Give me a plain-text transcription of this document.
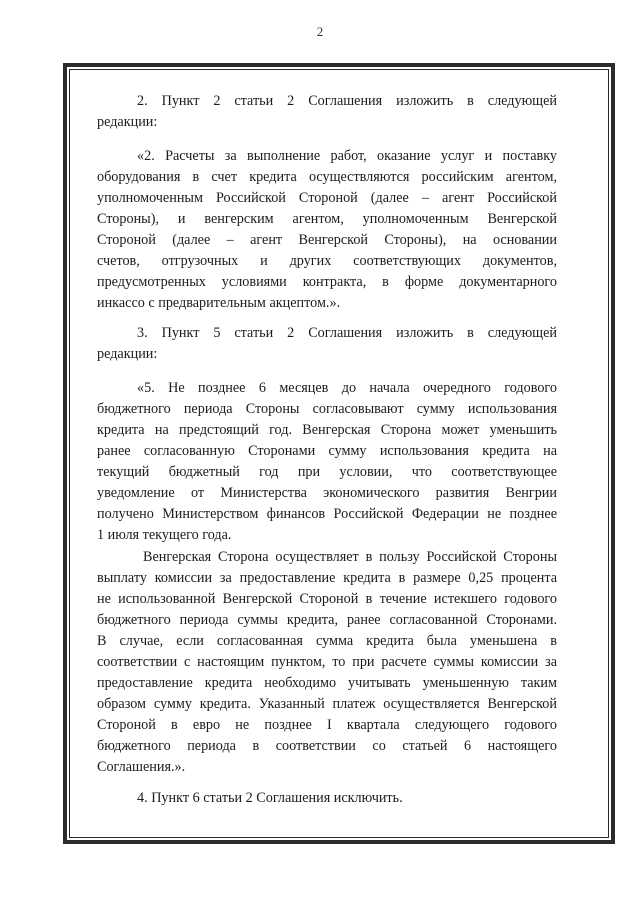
2
2. Пункт 2 статьи 2 Соглашения изложить в следующей
редакции:
«2. Расчеты за выполнение работ, оказание услуг и поставку
оборудования в счет кредита осуществляются российским агентом,
уполномоченным Российской Стороной (далее – агент Российской
Стороны), и венгерским агентом, уполномоченным Венгерской
Стороной (далее – агент Венгерской Стороны), на основании
счетов, отгрузочных и других соответствующих документов,
предусмотренных условиями контракта, в форме документарного
инкассо с предварительным акцептом.».
3. Пункт 5 статьи 2 Соглашения изложить в следующей
редакции:
«5. Не позднее 6 месяцев до начала очередного годового
бюджетного периода Стороны согласовывают сумму использования
кредита на предстоящий год. Венгерская Сторона может уменьшить
ранее согласованную Сторонами сумму использования кредита на
текущий бюджетный год при условии, что соответствующее
уведомление от Министерства экономического развития Венгрии
получено Министерством финансов Российской Федерации не позднее
1 июля текущего года.
Венгерская Сторона осуществляет в пользу Российской Стороны
выплату комиссии за предоставление кредита в размере 0,25 процента
не использованной Венгерской Стороной в течение истекшего годового
бюджетного периода суммы кредита, ранее согласованной Сторонами.
В случае, если согласованная сумма кредита была уменьшена в
соответствии с настоящим пунктом, то при расчете суммы комиссии за
предоставление кредита необходимо учитывать уменьшенную таким
образом сумму кредита. Указанный платеж осуществляется Венгерской
Стороной в евро не позднее I квартала следующего годового
бюджетного периода в соответствии со статьей 6 настоящего
Соглашения.».
4. Пункт 6 статьи 2 Соглашения исключить.
